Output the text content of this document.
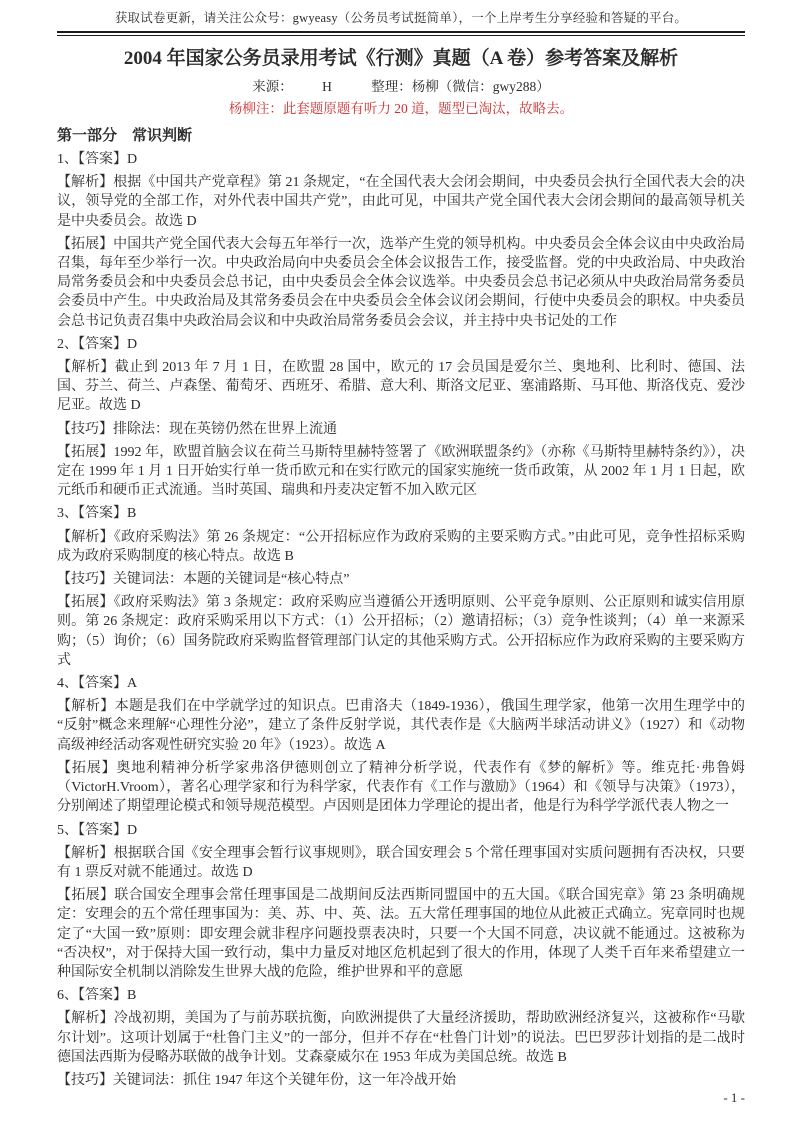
获取试卷更新，请关注公众号：gwyeasy（公务员考试挺简单），一个上岸考生分享经验和答疑的平台。
2004 年国家公务员录用考试《行测》真题（A 卷）参考答案及解析
来源： H	整理：杨柳（微信：gwy288）
杨柳注：此套题原题有听力 20 道，题型已淘汰，故略去。
第一部分　常识判断

1、【答案】D

【解析】根据《中国共产党章程》第 21 条规定，“在全国代表大会闭会期间，中央委员会执行全国代表大会的决议，领导党的全部工作，对外代表中国共产党”，由此可见，中国共产党全国代表大会闭会期间的最高领导机关是中央委员会。故选 D

【拓展】中国共产党全国代表大会每五年举行一次，选举产生党的领导机构。中央委员会全体会议由中央政治局召集，每年至少举行一次。中央政治局向中央委员会全体会议报告工作，接受监督。党的中央政治局、中央政治局常务委员会和中央委员会总书记，由中央委员会全体会议选举。中央委员会总书记必须从中央政治局常务委员会委员中产生。中央政治局及其常务委员会在中央委员会全体会议闭会期间，行使中央委员会的职权。中央委员会总书记负责召集中央政治局会议和中央政治局常务委员会会议，并主持中央书记处的工作

2、【答案】D

【解析】截止到 2013 年 7 月 1 日，在欧盟 28 国中，欧元的 17 会员国是爱尔兰、奥地利、比利时、德国、法国、芬兰、荷兰、卢森堡、葡萄牙、西班牙、希腊、意大利、斯洛文尼亚、塞浦路斯、马耳他、斯洛伐克、爱沙尼亚。故选 D

【技巧】排除法：现在英镑仍然在世界上流通

【拓展】1992 年，欧盟首脑会议在荷兰马斯特里赫特签署了《欧洲联盟条约》（亦称《马斯特里赫特条约》），决定在 1999 年 1 月 1 日开始实行单一货币欧元和在实行欧元的国家实施统一货币政策，从 2002 年 1 月 1 日起，欧元纸币和硬币正式流通。当时英国、瑞典和丹麦决定暂不加入欧元区

3、【答案】B

【解析】《政府采购法》第 26 条规定：“公开招标应作为政府采购的主要采购方式。”由此可见，竞争性招标采购成为政府采购制度的核心特点。故选 B

【技巧】关键词法：本题的关键词是“核心特点”

【拓展】《政府采购法》第 3 条规定：政府采购应当遵循公开透明原则、公平竞争原则、公正原则和诚实信用原则。第 26 条规定：政府采购采用以下方式：（1）公开招标；（2）邀请招标；（3）竞争性谈判；（4）单一来源采购；（5）询价；（6）国务院政府采购监督管理部门认定的其他采购方式。公开招标应作为政府采购的主要采购方式

4、【答案】A

【解析】本题是我们在中学就学过的知识点。巴甫洛夫（1849-1936），俄国生理学家，他第一次用生理学中的“反射”概念来理解“心理性分泌”，建立了条件反射学说，其代表作是《大脑两半球活动讲义》（1927）和《动物高级神经活动客观性研究实验 20 年》（1923）。故选 A

【拓展】奥地利精神分析学家弗洛伊德则创立了精神分析学说，代表作有《梦的解析》等。维克托·弗鲁姆（VictorH.Vroom），著名心理学家和行为科学家，代表作有《工作与激励》（1964）和《领导与决策》（1973），分别阐述了期望理论模式和领导规范模型。卢因则是团体力学理论的提出者，他是行为科学学派代表人物之一

5、【答案】D

【解析】根据联合国《安全理事会暂行议事规则》，联合国安理会 5 个常任理事国对实质问题拥有否决权，只要有 1 票反对就不能通过。故选 D

【拓展】联合国安全理事会常任理事国是二战期间反法西斯同盟国中的五大国。《联合国宪章》第 23 条明确规定：安理会的五个常任理事国为：美、苏、中、英、法。五大常任理事国的地位从此被正式确立。宪章同时也规定了“大国一致”原则：即安理会就非程序问题投票表决时，只要一个大国不同意，决议就不能通过。这被称为“否决权”，对于保持大国一致行动，集中力量反对地区危机起到了很大的作用，体现了人类千百年来希望建立一种国际安全机制以消除发生世界大战的危险，维护世界和平的意愿

6、【答案】B

【解析】冷战初期，美国为了与前苏联抗衡，向欧洲提供了大量经济援助，帮助欧洲经济复兴，这被称作“马歇尔计划”。这项计划属于“杜鲁门主义”的一部分，但并不存在“杜鲁门计划”的说法。巴巴罗莎计划指的是二战时德国法西斯为侵略苏联做的战争计划。艾森豪威尔在 1953 年成为美国总统。故选 B

【技巧】关键词法：抓住 1947 年这个关键年份，这一年冷战开始

- 1 -
